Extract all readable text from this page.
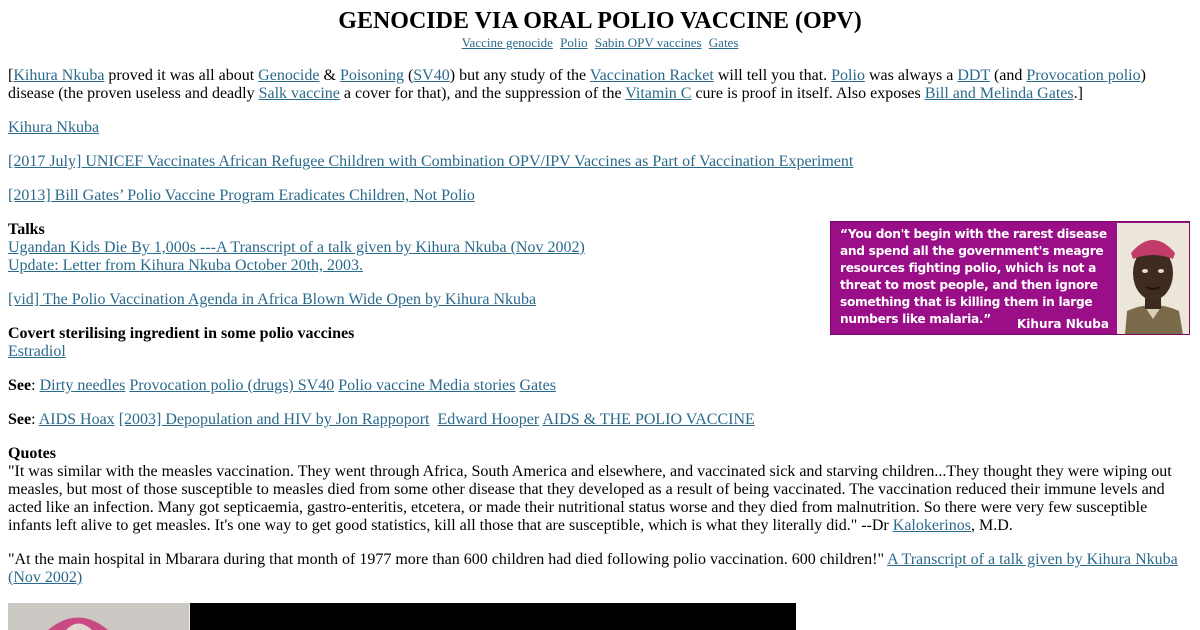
GENOCIDE VIA ORAL POLIO VACCINE (OPV)
Vaccine genocide Polio Sabin OPV vaccines Gates
[Kihura Nkuba proved it was all about Genocide & Poisoning (SV40) but any study of the Vaccination Racket will tell you that. Polio was always a DDT (and Provocation polio) disease (the proven useless and deadly Salk vaccine a cover for that), and the suppression of the Vitamin C cure is proof in itself. Also exposes Bill and Melinda Gates.]
Kihura Nkuba
[2017 July] UNICEF Vaccinates African Refugee Children with Combination OPV/IPV Vaccines as Part of Vaccination Experiment
[2013] Bill Gates’ Polio Vaccine Program Eradicates Children, Not Polio
Talks
Ugandan Kids Die By 1,000s ---A Transcript of a talk given by Kihura Nkuba (Nov 2002)
Update: Letter from Kihura Nkuba October 20th, 2003.
[vid] The Polio Vaccination Agenda in Africa Blown Wide Open by Kihura Nkuba
Covert sterilising ingredient in some polio vaccines
Estradiol
See: Dirty needles Provocation polio (drugs) SV40 Polio vaccine Media stories Gates
See: AIDS Hoax [2003] Depopulation and HIV by Jon Rappoport Edward Hooper AIDS & THE POLIO VACCINE
Quotes
"It was similar with the measles vaccination. They went through Africa, South America and elsewhere, and vaccinated sick and starving children...They thought they were wiping out measles, but most of those susceptible to measles died from some other disease that they developed as a result of being vaccinated. The vaccination reduced their immune levels and acted like an infection. Many got septicaemia, gastro-enteritis, etcetera, or made their nutritional status worse and they died from malnutrition. So there were very few susceptible infants left alive to get measles. It's one way to get good statistics, kill all those that are susceptible, which is what they literally did." --Dr Kalokerinos, M.D.
"At the main hospital in Mbarara during that month of 1977 more than 600 children had died following polio vaccination. 600 children!" A Transcript of a talk given by Kihura Nkuba (Nov 2002)
“You don't begin with the rarest disease and spend all the government's meagre resources fighting polio, which is not a threat to most people, and then ignore something that is killing them in large numbers like malaria.”	Kihura Nkuba
